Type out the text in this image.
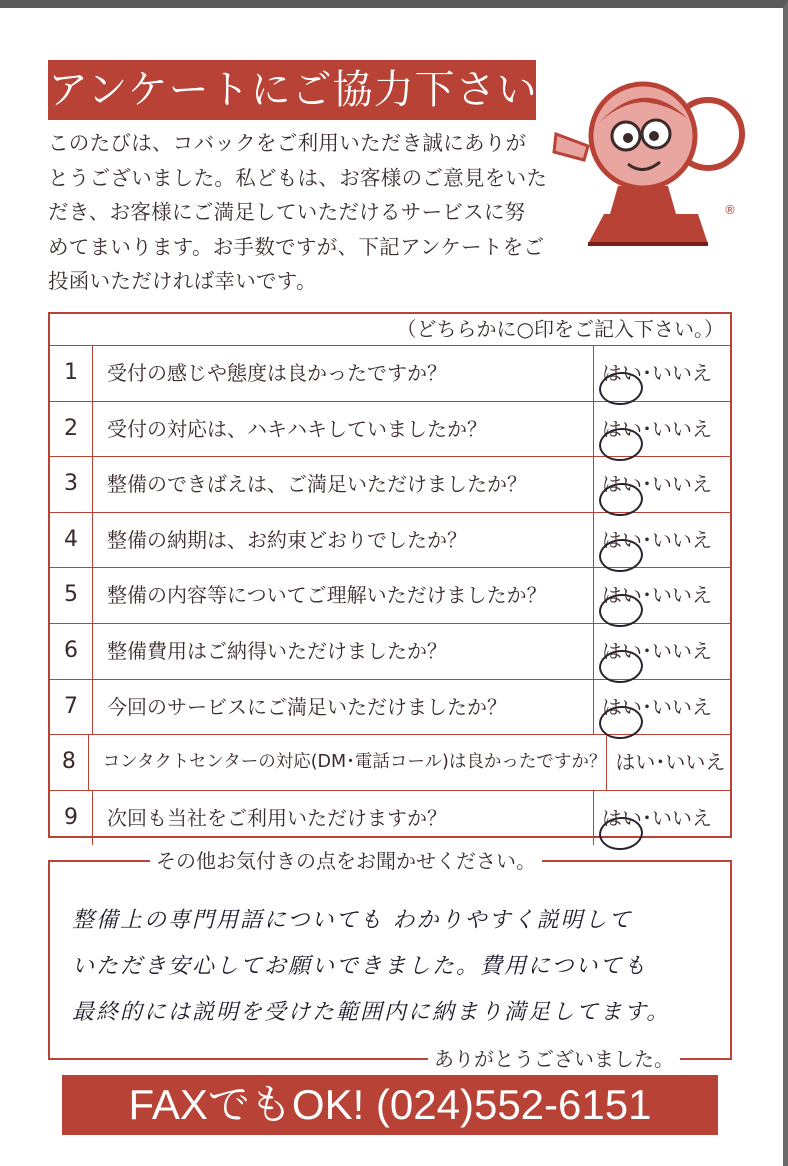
アンケートにご協力下さい
このたびは、コバックをご利用いただき誠にありが
とうございました。私どもは、お客様のご意見をいた
だき、お客様にご満足していただけるサービスに努
めてまいります。お手数ですが、下記アンケートをご
投函いただければ幸いです。
®
（どちらかに○印をご記入下さい。）
1	受付の感じや態度は良かったですか？	はい･いいえ
2	受付の対応は、ハキハキしていましたか？	はい･いいえ
3	整備のできばえは、ご満足いただけましたか？	はい･いいえ
4	整備の納期は、お約束どおりでしたか？	はい･いいえ
5	整備の内容等についてご理解いただけましたか？	はい･いいえ
6	整備費用はご納得いただけましたか？	はい･いいえ
7	今回のサービスにご満足いただけましたか？	はい･いいえ
8	コンタクトセンターの対応(DM･電話コール)は良かったですか？ はい･いいえ
9	次回も当社をご利用いただけますか？	はい･いいえ
その他お気付きの点をお聞かせください。
整備上の専門用語についても わかりやすく説明して
いただき安心してお願いできました。費用についても
最終的には説明を受けた範囲内に納まり満足してます。
ありがとうございました。
FAXでもOK! (024)552-6151
